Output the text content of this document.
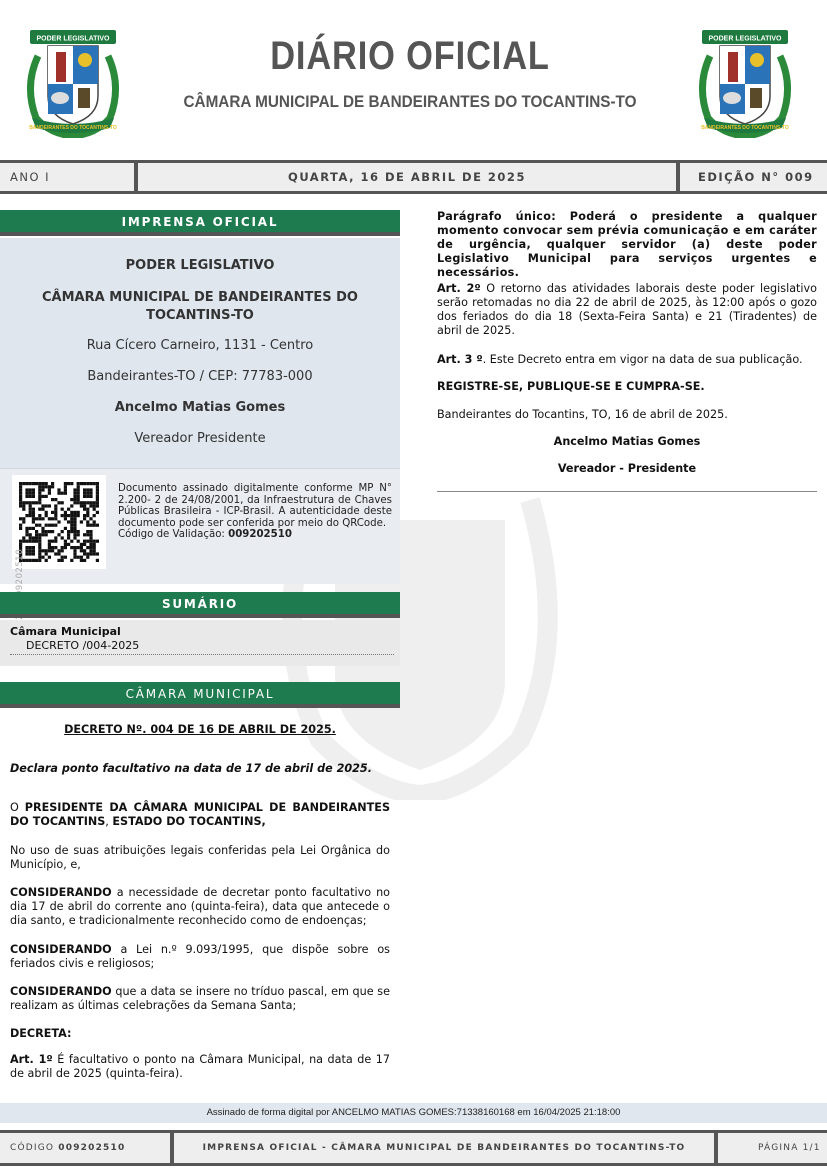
PODER LEGISLATIVO
BANDEIRANTES DO TOCANTINS-TO
PODER LEGISLATIVO
BANDEIRANTES DO TOCANTINS-TO
DIÁRIO OFICIAL
CÂMARA MUNICIPAL DE BANDEIRANTES DO TOCANTINS-TO
ANO I	QUARTA, 16 DE ABRIL DE 2025	EDIÇÃO N° 009
IMPRENSA OFICIAL
PODER LEGISLATIVO
CÂMARA MUNICIPAL DE BANDEIRANTES DO
TOCANTINS-TO
Rua Cícero Carneiro, 1131 - Centro
Bandeirantes-TO / CEP: 77783-000
Ancelmo Matias Gomes
Vereador Presidente
Documento assinado digitalmente conforme MP N° 2.200- 2 de 24/08/2001, da Infraestrutura de Chaves Públicas Brasileira - ICP-Brasil. A autenticidade deste documento pode ser conferida por meio do QRCode.
Código de Validação: 009202510
SUMÁRIO
Câmara Municipal
DECRETO /004-2025
CÂMARA MUNICIPAL
DECRETO Nº. 004 DE 16 DE ABRIL DE 2025.
Declara ponto facultativo na data de 17 de abril de 2025.
O PRESIDENTE DA CÂMARA MUNICIPAL DE BANDEIRANTES DO TOCANTINS, ESTADO DO TOCANTINS,
No uso de suas atribuições legais conferidas pela Lei Orgânica do Município, e,
CONSIDERANDO a necessidade de decretar ponto facultativo no dia 17 de abril do corrente ano (quinta-feira), data que antecede o dia santo, e tradicionalmente reconhecido como de endoenças;
CONSIDERANDO a Lei n.º 9.093/1995, que dispõe sobre os feriados civis e religiosos;
CONSIDERANDO que a data se insere no tríduo pascal, em que se realizam as últimas celebrações da Semana Santa;
DECRETA:
Art. 1º É facultativo o ponto na Câmara Municipal, na data de 17 de abril de 2025 (quinta-feira).
Parágrafo único: Poderá o presidente a qualquer momento convocar sem prévia comunicação e em caráter de urgência, qualquer servidor (a) deste poder Legislativo Municipal para serviços urgentes e necessários.
Art. 2º O retorno das atividades laborais deste poder legislativo serão retomadas no dia 22 de abril de 2025, às 12:00 após o gozo dos feriados do dia 18 (Sexta-Feira Santa) e 21 (Tiradentes) de abril de 2025.
Art. 3 º. Este Decreto entra em vigor na data de sua publicação.
REGISTRE-SE, PUBLIQUE-SE E CUMPRA-SE.
Bandeirantes do Tocantins, TO, 16 de abril de 2025.
Ancelmo Matias Gomes
Vereador - Presidente
Assinado de forma digital por ANCELMO MATIAS GOMES:71338160168 em 16/04/2025 21:18:00
CÓDIGO 009202510	IMPRENSA OFICIAL - CÂMARA MUNICIPAL DE BANDEIRANTES DO TOCANTINS-TO	PÁGINA 1/1
